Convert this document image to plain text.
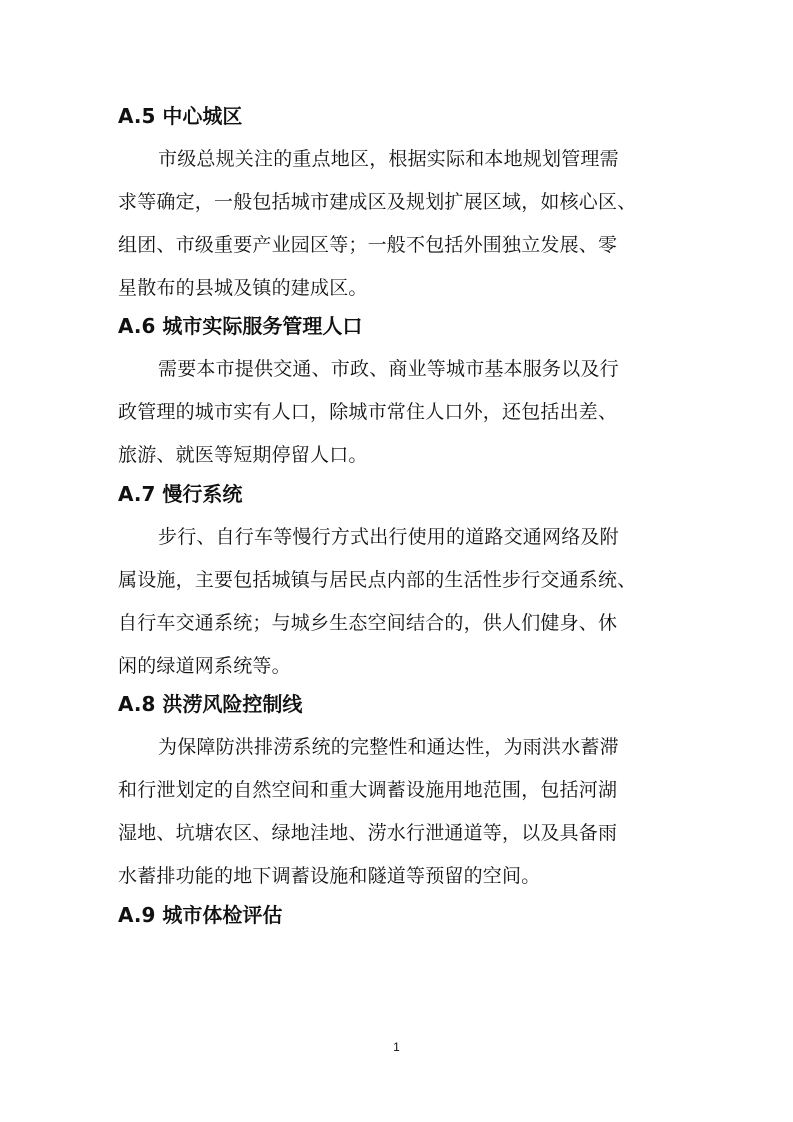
A.5 中心城区
市级总规关注的重点地区，根据实际和本地规划管理需
求等确定，一般包括城市建成区及规划扩展区域，如核心区、
组团、市级重要产业园区等；一般不包括外围独立发展、零
星散布的县城及镇的建成区。
A.6 城市实际服务管理人口
需要本市提供交通、市政、商业等城市基本服务以及行
政管理的城市实有人口，除城市常住人口外，还包括出差、
旅游、就医等短期停留人口。
A.7 慢行系统
步行、自行车等慢行方式出行使用的道路交通网络及附
属设施，主要包括城镇与居民点内部的生活性步行交通系统、
自行车交通系统；与城乡生态空间结合的，供人们健身、休
闲的绿道网系统等。
A.8 洪涝风险控制线
为保障防洪排涝系统的完整性和通达性，为雨洪水蓄滞
和行泄划定的自然空间和重大调蓄设施用地范围，包括河湖
湿地、坑塘农区、绿地洼地、涝水行泄通道等，以及具备雨
水蓄排功能的地下调蓄设施和隧道等预留的空间。
A.9 城市体检评估
1
